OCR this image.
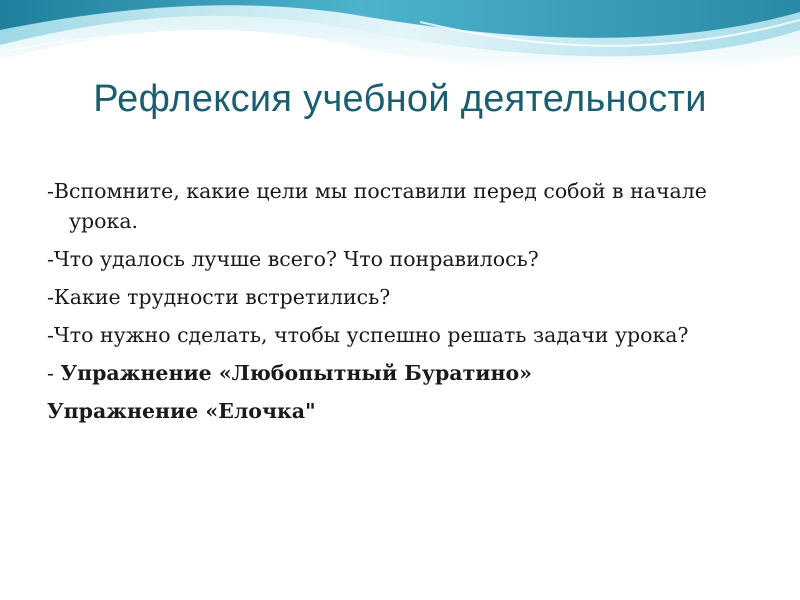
Рефлексия учебной деятельности

-Вспомните, какие цели мы поставили перед собой в начале урока.

-Что удалось лучше всего? Что понравилось?

-Какие трудности встретились?

-Что нужно сделать, чтобы успешно решать задачи урока?

- Упражнение «Любопытный Буратино»

Упражнение «Елочка"
